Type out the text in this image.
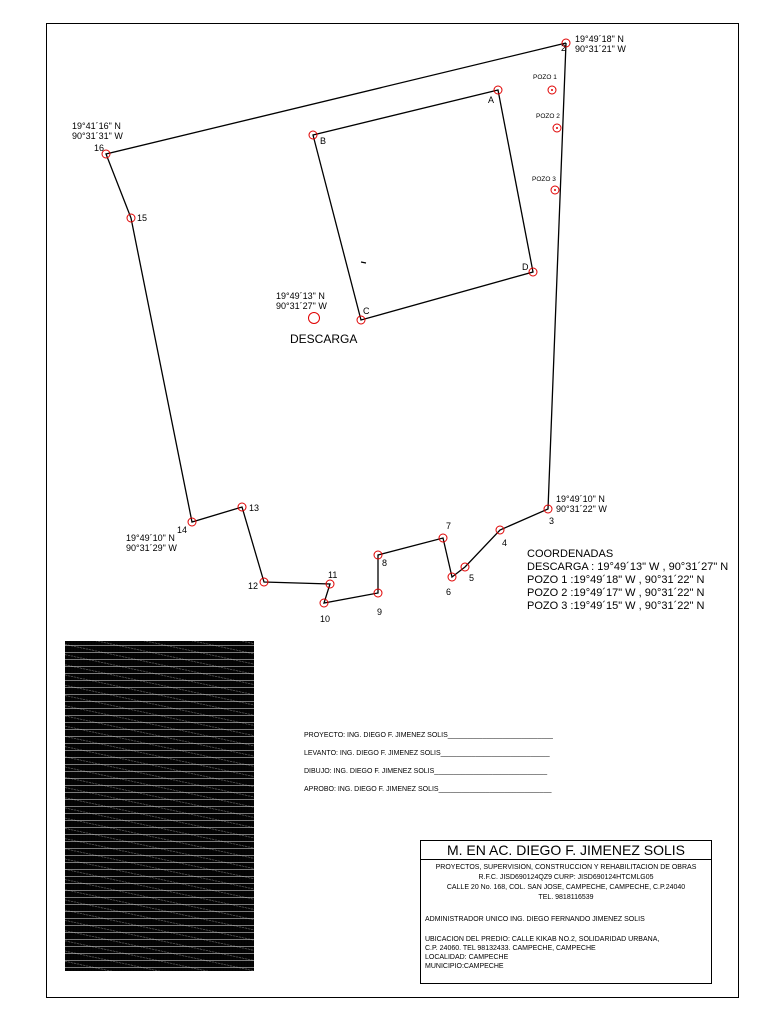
2
3
4
5
6
7
8
9
10
11
12
13
14
15
16
A
B
C
D
19°49´18" N
90°31´21" W
19°41´16" N
90°31´31" W
19°49´10" N
90°31´22" W
19°49´10" N
90°31´29" W
19°49´13" N
90°31´27" W
POZO 1
POZO 2
POZO 3
DESCARGA
COORDENADAS
DESCARGA : 19°49´13" W , 90°31´27" N
POZO 1 :19°49´18" W , 90°31´22" N
POZO 2 :19°49´17" W , 90°31´22" N
POZO 3 :19°49´15" W , 90°31´22" N
PROYECTO: ING. DIEGO F. JIMENEZ SOLIS___________________________
LEVANTO: ING. DIEGO F. JIMENEZ SOLIS____________________________
DIBUJO: ING. DIEGO F. JIMENEZ SOLIS_____________________________
APROBO: ING. DIEGO F. JIMENEZ SOLIS_____________________________
M. EN AC. DIEGO F. JIMENEZ SOLIS
PROYECTOS, SUPERVISION, CONSTRUCCION Y REHABILITACION DE OBRAS
R.F.C. JISD690124QZ9 CURP: JISD690124HTCMLG05
CALLE 20 No. 168, COL. SAN JOSE, CAMPECHE, CAMPECHE, C.P.24040
TEL. 9818116539
ADMINISTRADOR UNICO ING. DIEGO FERNANDO JIMENEZ SOLIS
UBICACION DEL PREDIO: CALLE KIKAB NO.2, SOLIDARIDAD URBANA,
C.P. 24060. TEL 98132433. CAMPECHE, CAMPECHE
LOCALIDAD: CAMPECHE
MUNICIPIO:CAMPECHE
